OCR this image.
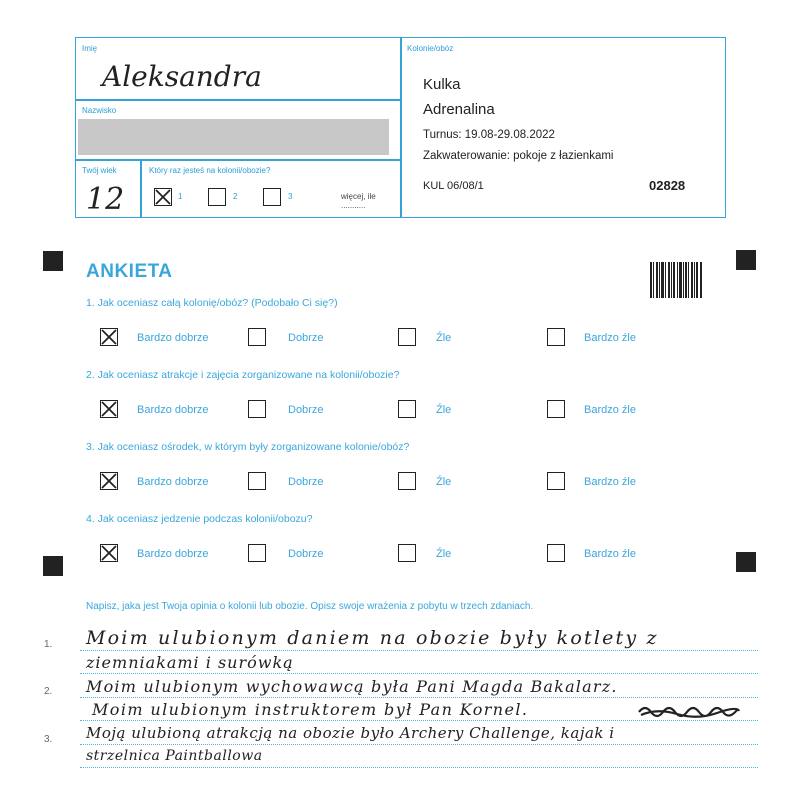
Imię
Aleksandra
Nazwisko
Twój wiek
12
Który raz jesteś na kolonii/obozie?
1	2	3	więcej, ile ...........
Kolonie/obóz
Kulka
Adrenalina
Turnus: 19.08-29.08.2022
Zakwaterowanie: pokoje z łazienkami
KUL 06/08/1	02828
ANKIETA
1. Jak oceniasz całą kolonię/obóz? (Podobało Ci się?)
Bardzo dobrze	Dobrze	Źle	Bardzo źle
2. Jak oceniasz atrakcje i zajęcia zorganizowane na kolonii/obozie?
Bardzo dobrze	Dobrze	Źle	Bardzo źle
3. Jak oceniasz ośrodek, w którym były zorganizowane kolonie/obóz?
Bardzo dobrze	Dobrze	Źle	Bardzo źle
4. Jak oceniasz jedzenie podczas kolonii/obozu?
Bardzo dobrze	Dobrze	Źle	Bardzo źle
Napisz, jaka jest Twoja opinia o kolonii lub obozie. Opisz swoje wrażenia z pobytu w trzech zdaniach.
1.
2.
3.
Moim ulubionym daniem na obozie były kotlety z
ziemniakami i surówką
Moim ulubionym wychowawcą była Pani Magda Bakalarz.
Moim ulubionym instruktorem był Pan Kornel.
Moją ulubioną atrakcją na obozie było Archery Challenge, kajak i
strzelnica Paintballowa
